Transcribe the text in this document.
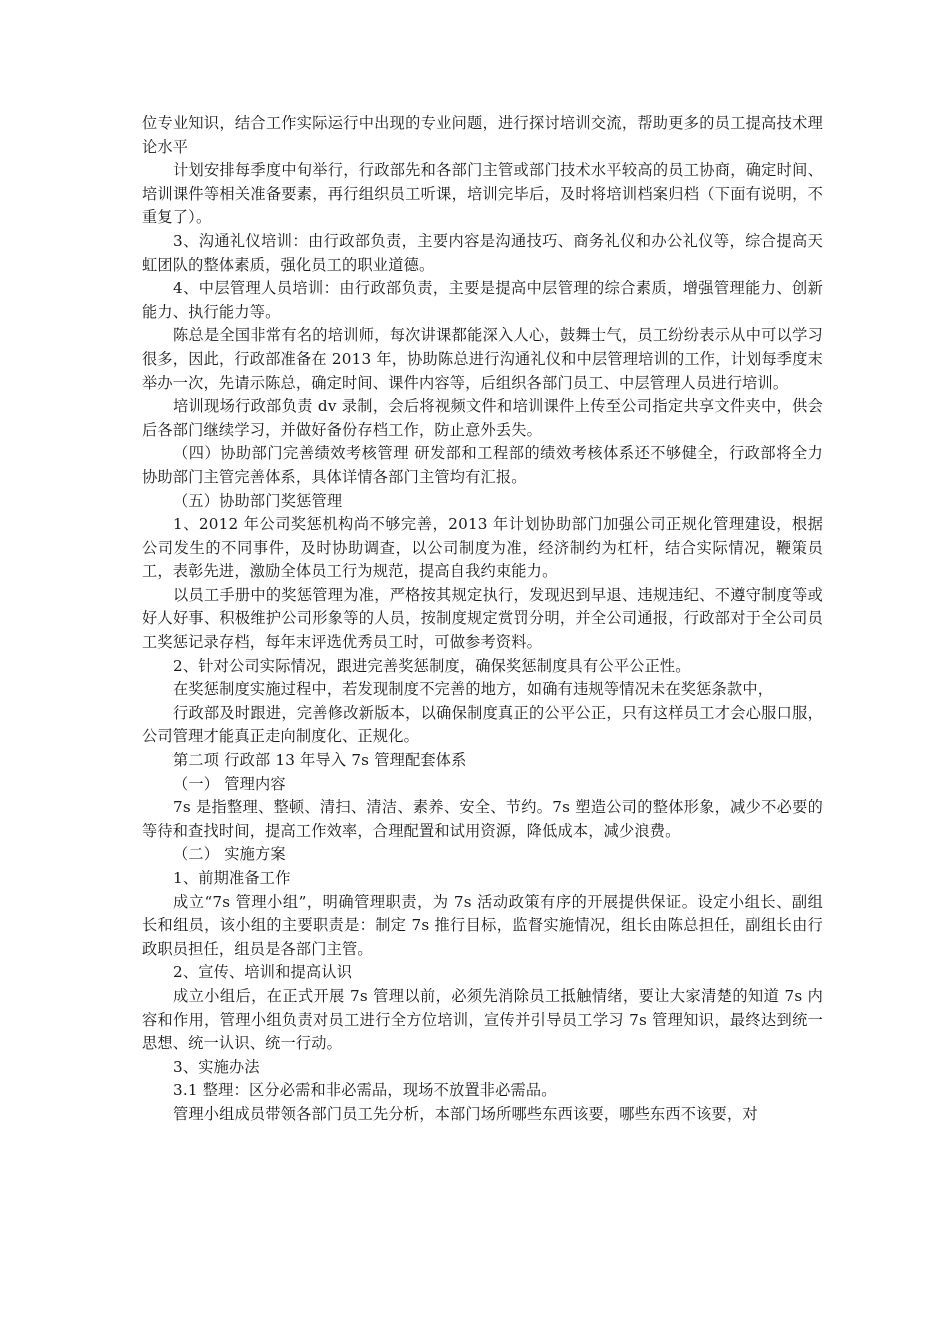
位专业知识，结合工作实际运行中出现的专业问题，进行探讨培训交流，帮助更多的员工提高技术理论水平

计划安排每季度中旬举行，行政部先和各部门主管或部门技术水平较高的员工协商，确定时间、培训课件等相关准备要素，再行组织员工听课，培训完毕后，及时将培训档案归档（下面有说明，不重复了）。

3、沟通礼仪培训：由行政部负责，主要内容是沟通技巧、商务礼仪和办公礼仪等，综合提高天虹团队的整体素质，强化员工的职业道德。

4、中层管理人员培训：由行政部负责，主要是提高中层管理的综合素质，增强管理能力、创新能力、执行能力等。

陈总是全国非常有名的培训师，每次讲课都能深入人心，鼓舞士气，员工纷纷表示从中可以学习很多，因此，行政部准备在 2013 年，协助陈总进行沟通礼仪和中层管理培训的工作，计划每季度末举办一次，先请示陈总，确定时间、课件内容等，后组织各部门员工、中层管理人员进行培训。

培训现场行政部负责 dv 录制，会后将视频文件和培训课件上传至公司指定共享文件夹中，供会后各部门继续学习，并做好备份存档工作，防止意外丢失。

（四）协助部门完善绩效考核管理 研发部和工程部的绩效考核体系还不够健全，行政部将全力协助部门主管完善体系，具体详情各部门主管均有汇报。

（五）协助部门奖惩管理

1、2012 年公司奖惩机构尚不够完善，2013 年计划协助部门加强公司正规化管理建设，根据公司发生的不同事件，及时协助调查，以公司制度为准，经济制约为杠杆，结合实际情况，鞭策员工，表彰先进，激励全体员工行为规范，提高自我约束能力。

以员工手册中的奖惩管理为准，严格按其规定执行，发现迟到早退、违规违纪、不遵守制度等或好人好事、积极维护公司形象等的人员，按制度规定赏罚分明，并全公司通报，行政部对于全公司员工奖惩记录存档，每年末评选优秀员工时，可做参考资料。

2、针对公司实际情况，跟进完善奖惩制度，确保奖惩制度具有公平公正性。

在奖惩制度实施过程中，若发现制度不完善的地方，如确有违规等情况未在奖惩条款中，

行政部及时跟进，完善修改新版本，以确保制度真正的公平公正，只有这样员工才会心服口服，公司管理才能真正走向制度化、正规化。

第二项 行政部 13 年导入 7s 管理配套体系

（一） 管理内容

7s 是指整理、整顿、清扫、清洁、素养、安全、节约。7s 塑造公司的整体形象，减少不必要的等待和查找时间，提高工作效率，合理配置和试用资源，降低成本，减少浪费。

（二） 实施方案

1、前期准备工作

成立“7s 管理小组”，明确管理职责，为 7s 活动政策有序的开展提供保证。设定小组长、副组长和组员，该小组的主要职责是：制定 7s 推行目标，监督实施情况，组长由陈总担任，副组长由行政职员担任，组员是各部门主管。

2、宣传、培训和提高认识

成立小组后，在正式开展 7s 管理以前，必须先消除员工抵触情绪，要让大家清楚的知道 7s 内容和作用，管理小组负责对员工进行全方位培训，宣传并引导员工学习 7s 管理知识，最终达到统一思想、统一认识、统一行动。

3、实施办法

3.1 整理：区分必需和非必需品，现场不放置非必需品。

管理小组成员带领各部门员工先分析，本部门场所哪些东西该要，哪些东西不该要，对
